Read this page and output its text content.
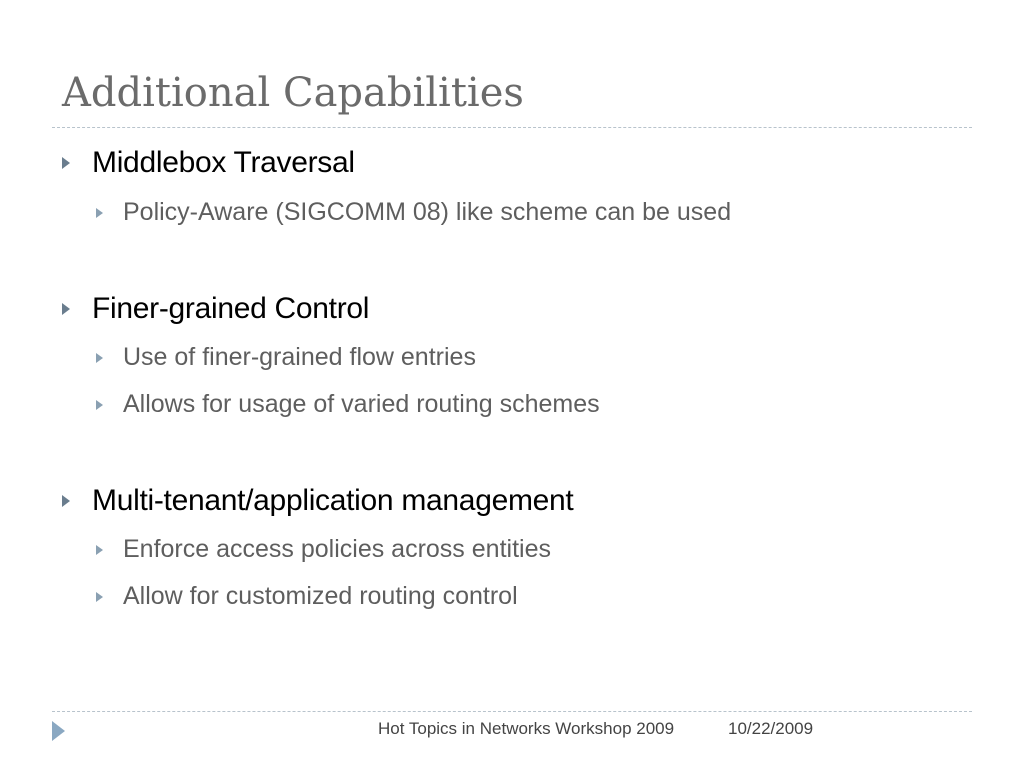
Additional Capabilities
Middlebox Traversal
Policy-Aware (SIGCOMM 08) like scheme can be used
Finer-grained Control
Use of finer-grained flow entries
Allows for usage of varied routing schemes
Multi-tenant/application management
Enforce access policies across entities
Allow for customized routing control
Hot Topics in Networks Workshop 2009	10/22/2009
